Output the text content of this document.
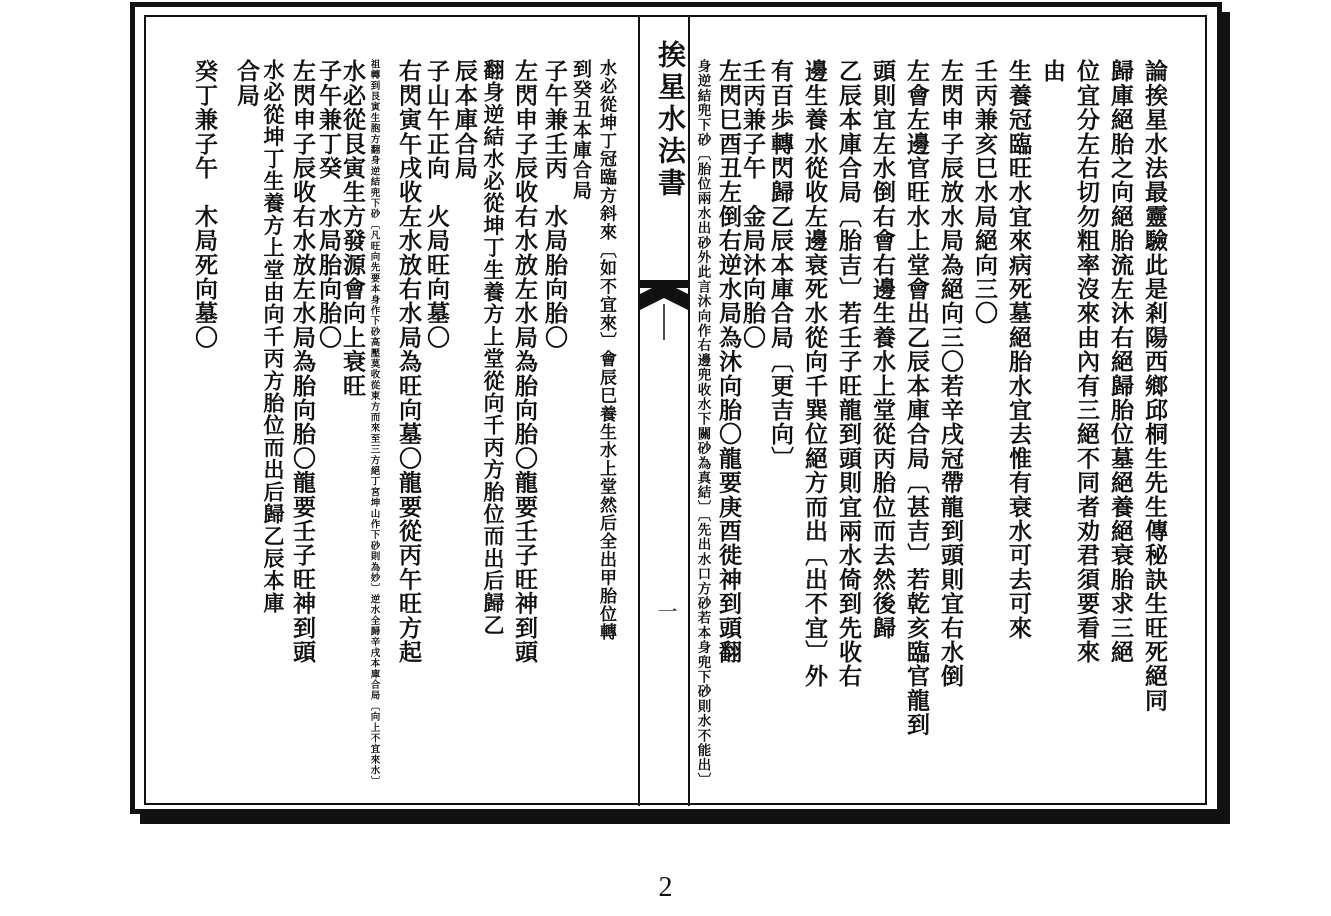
挨星水法書
一	論挨星水法最靈驗此是剎陽西鄉邱桐生先生傳秘訣生旺死絕同
歸庫絕胎之向絕胎流左沐右絕歸胎位墓絕養絕衰胎求三絕
位宜分左右切勿粗率沒來由內有三絕不同者劝君須要看來
由
生養冠臨旺水宜來病死墓絕胎水宜去惟有衰水可去可來
壬丙兼亥巳水局絕向三〇
左閃申子辰放水局為絕向三〇若辛戌冠帶龍到頭則宜右水倒
左會左邊官旺水上堂會出乙辰本庫合局〔甚吉〕若乾亥臨官龍到
頭則宜左水倒右會右邊生養水上堂從丙胎位而去然後歸
乙辰本庫合局〔胎吉〕若壬子旺龍到頭則宜兩水倚到先收右
邊生養水從收左邊衰死水從向千巽位絕方而出〔出不宜〕外
有百歩轉閃歸乙辰本庫合局〔更吉向〕
壬丙兼子午　金局沐向胎〇
左閃巳酉丑左倒右逆水局為沐向胎〇龍要庚酉徙神到頭翻
身逆結兜下砂〔胎位兩水出砂外此言沐向作右邊兜收水下關砂為真結〕〔先出水口方砂若本身兜下砂則水不能出〕
水必從坤丁冠臨方斜來〔如不宜來〕會辰巳養生水上堂然后全出甲胎位轉
到癸丑本庫合局
子午兼壬丙　水局胎向胎〇
左閃申子辰收右水放左水局為胎向胎〇龍要壬子旺神到頭
翻身逆結水必從坤丁生養方上堂從向千丙方胎位而出后歸乙
辰本庫合局
子山午正向　火局旺向墓〇
右閃寅午戌收左水放右水局為旺向墓〇龍要從丙午旺方起
祖轉到艮寅生胞方翻身逆結兜下砂〔凡旺向先要本身作下砂高壓莫收從東方而來至三方絕丁宮坤山作下砂則為妙〕逆水全歸辛戌本庫合局〔向上不宜來水〕
水必從艮寅生方發源會向上衰旺
子午兼丁癸　水局胎向胎〇
左閃申子辰收右水放左水局為胎向胎〇龍要壬子旺神到頭
水必從坤丁生養方上堂由向千丙方胎位而出后歸乙辰本庫
合局
癸丁兼子午　木局死向墓〇
2
